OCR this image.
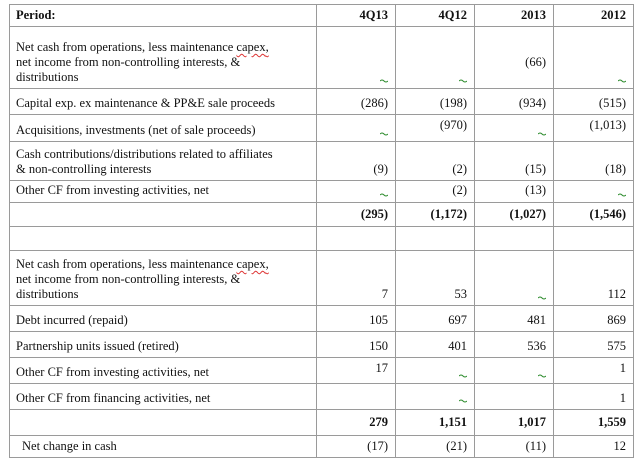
Period:	4Q13	4Q12	2013	2012
Net cash from operations, less maintenance capex,
net income from non-controlling interests, &
distributions			(66)	

Capital exp. ex maintenance & PP&E sale proceeds	(286)	(198)	(934)	(515)
Acquisitions, investments (net of sale proceeds)		(970)		(1,013)
Cash contributions/distributions related to affiliates
& non-controlling interests	(9)	(2)	(15)	(18)
Other CF from investing activities, net		(2)	(13)	

	(295)	(1,172)	(1,027)	(1,546)

Net cash from operations, less maintenance capex,
net income from non-controlling interests, &
distributions	7	53		112
Debt incurred (repaid)	105	697	481	869
Partnership units issued (retired)	150	401	536	575
Other CF from investing activities, net	17			1
Other CF from financing activities, net				1
	279	1,151	1,017	1,559
Net change in cash	(17)	(21)	(11)	12
